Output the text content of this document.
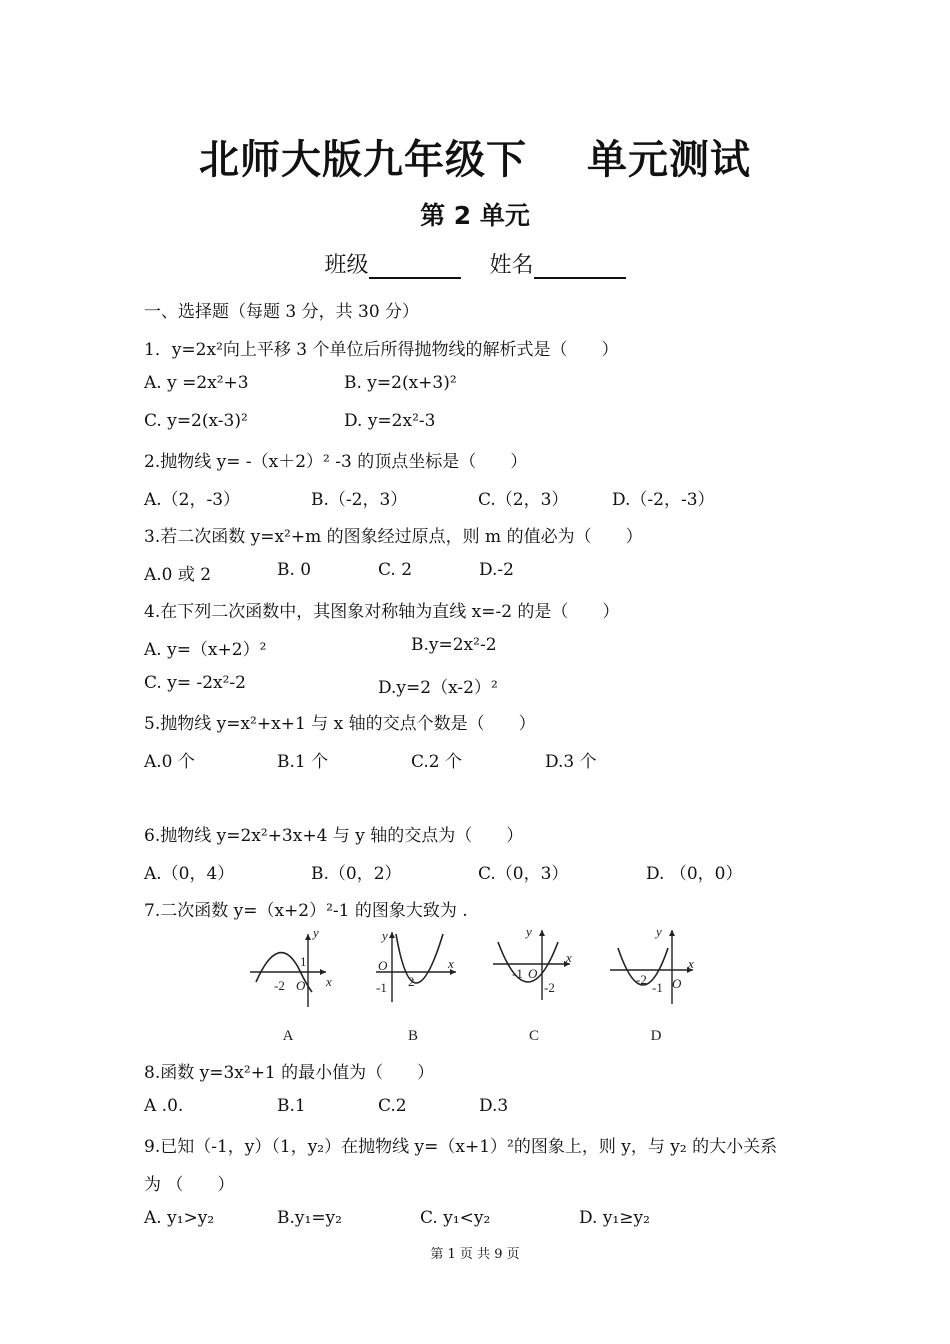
北师大版九年级下 单元测试
第 2 单元
班级	姓名
一、选择题（每题 3 分，共 30 分）
1．y=2x²向上平移 3 个单位后所得抛物线的解析式是（　　）
A. y =2x²+3	B. y=2(x+3)²
C. y=2(x-3)²	D. y=2x²-3
2.抛物线 y= -（x＋2）² -3 的顶点坐标是（　　）
A.（2，-3）	B.（-2，3）	C.（2，3）	D.（-2，-3）
3.若二次函数 y=x²+m 的图象经过原点，则 m 的值必为（　　）
A.0 或 2	B. 0	C. 2	D.-2
4.在下列二次函数中，其图象对称轴为直线 x=-2 的是（　　）
A. y=（x+2）²	B.y=2x²-2
C. y= -2x²-2	D.y=2（x-2）²
5.抛物线 y=x²+x+1 与 x 轴的交点个数是（　　）
A.0 个	B.1 个	C.2 个	D.3 个
6.抛物线 y=2x²+3x+4 与 y 轴的交点为（　　）
A.（0，4）	B.（0，2）	C.（0，3）	D. （0，0）
7.二次函数 y=（x+2）²-1 的图象大致为 .
y
x
1
-2 O
y
x
O
-1 2
y
x
-1 O
-2
y
x
-2
-1 O
A	B	C	D
8.函数 y=3x²+1 的最小值为（　　）
A .0.	B.1	C.2	D.3
9.已知（-1，y）（1，y₂）在抛物线 y=（x+1）²的图象上，则 y，与 y₂ 的大小关系
为 （　　）
A. y₁>y₂	B.y₁=y₂	C. y₁<y₂	D. y₁≥y₂
第 1 页 共 9 页
